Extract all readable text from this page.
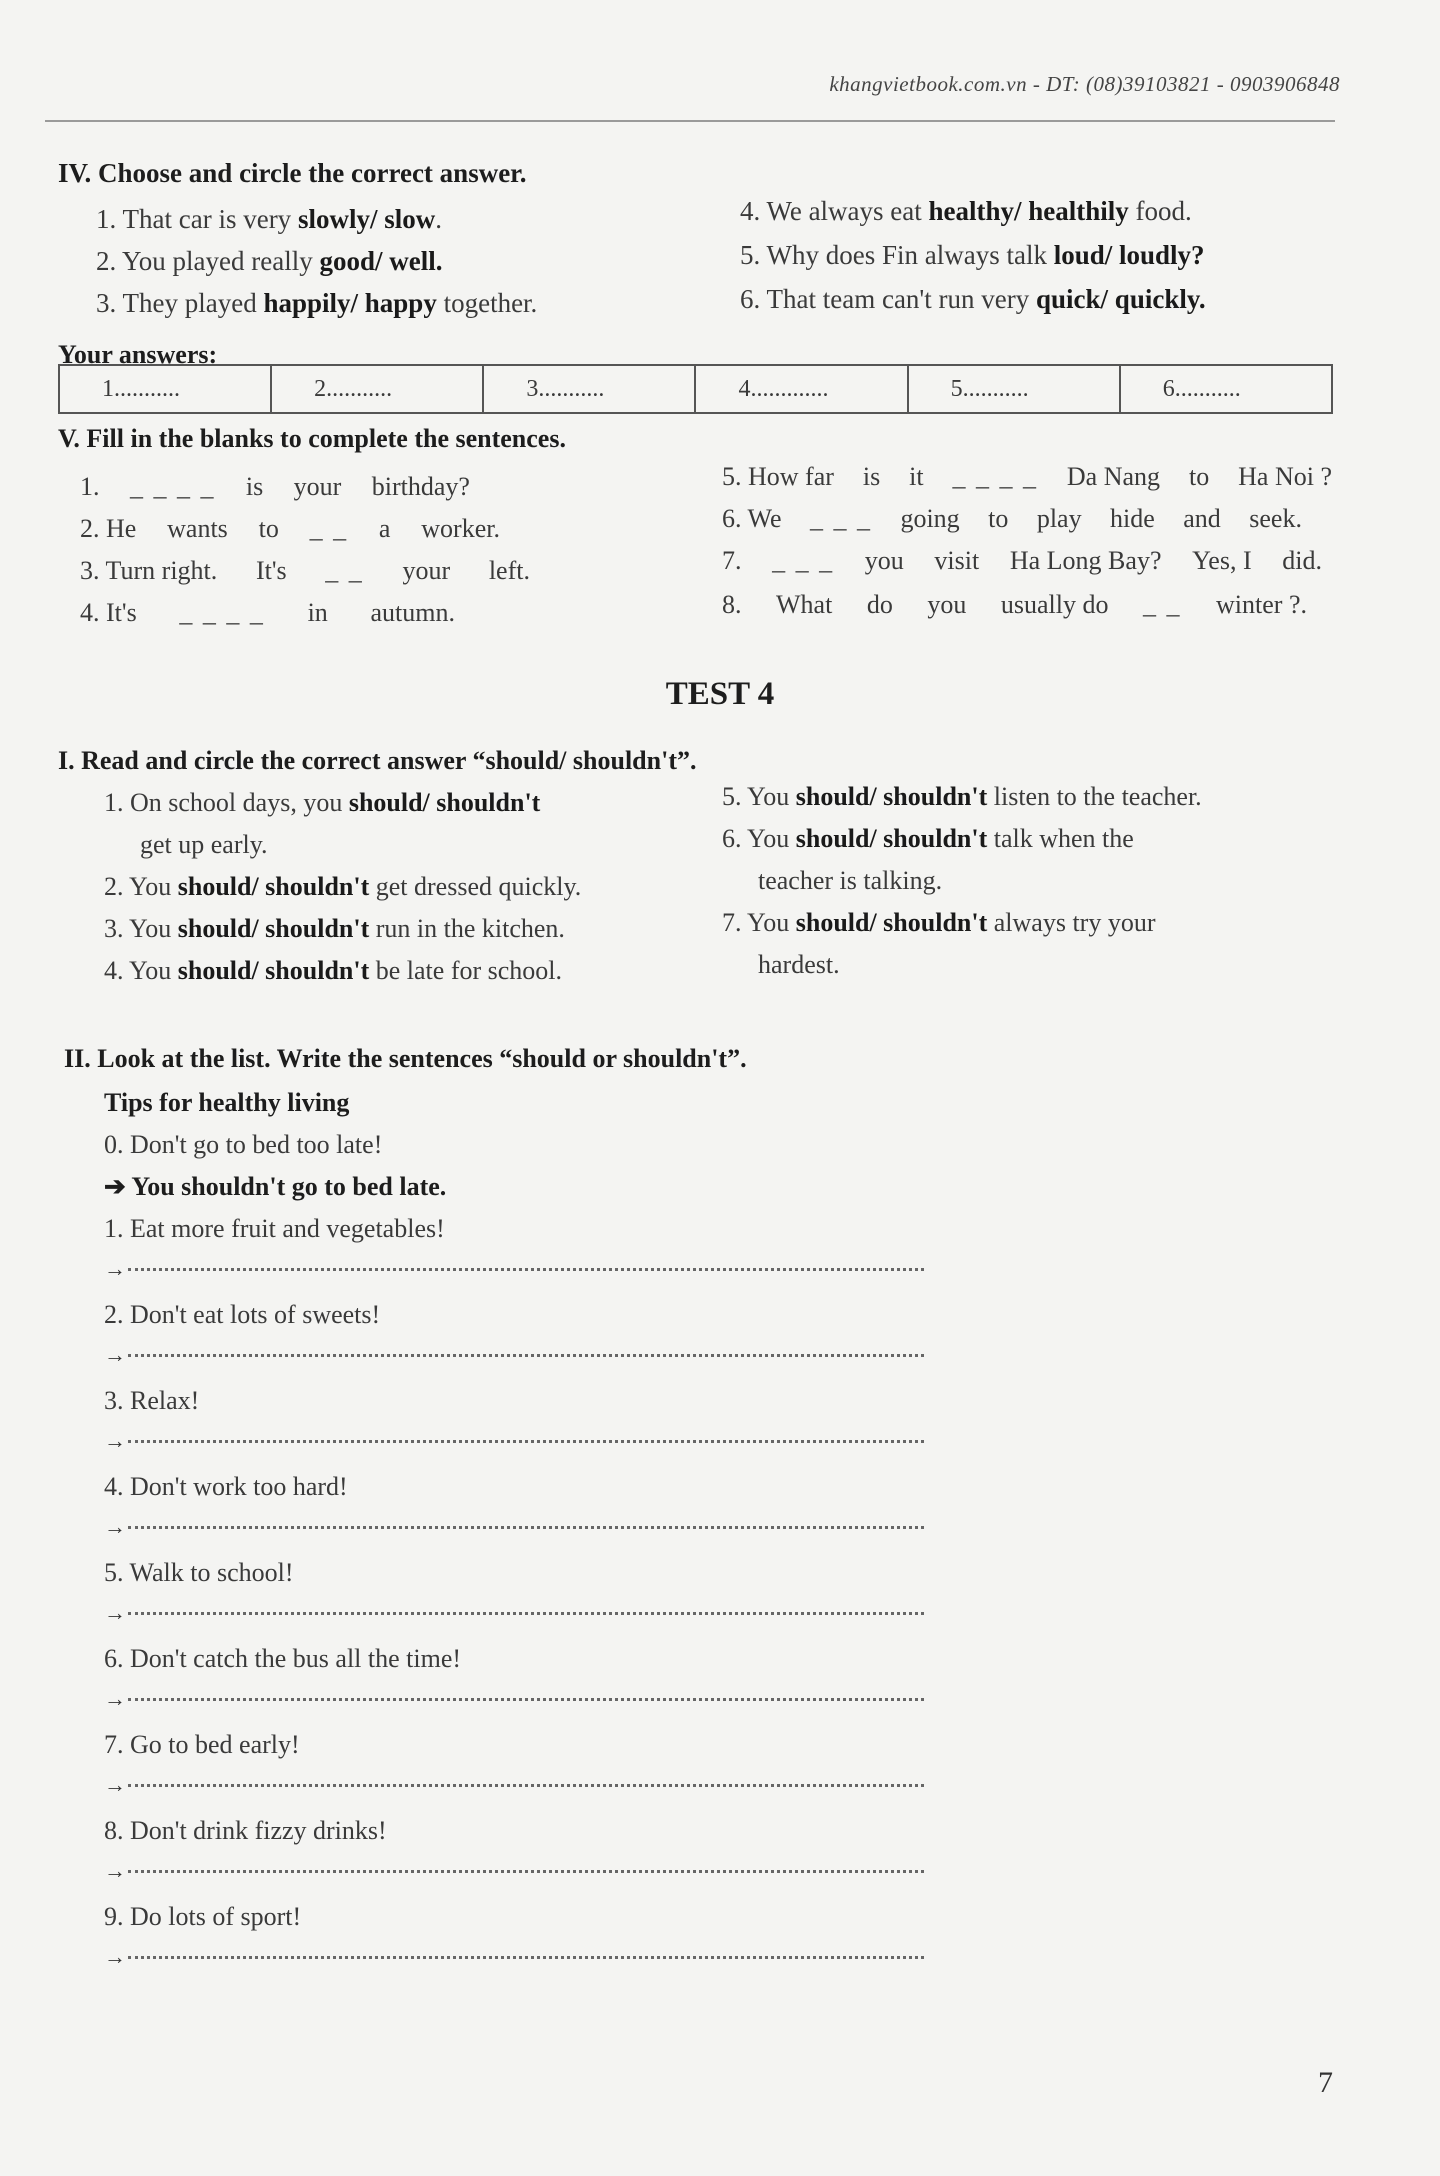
khangvietbook.com.vn - DT: (08)39103821 - 0903906848
IV. Choose and circle the correct answer.
1. That car is very slowly/ slow.
2. You played really good/ well.
3. They played happily/ happy together.
4. We always eat healthy/ healthily food.
5. Why does Fin always talk loud/ loudly?
6. That team can't run very quick/ quickly.
Your answers:
1...........	2...........	3...........	4.............	5...........	6...........
V. Fill in the blanks to complete the sentences.
1. _ _ _ _ is your birthday?
2. He wants to _ _ a worker.
3. Turn right. It's _ _ your left.
4. It's _ _ _ _ in autumn.
5. How far is it _ _ _ _ Da Nang to Ha Noi ?
6. We _ _ _ going to play hide and seek.
7. _ _ _ you visit Ha Long Bay? Yes, I did.
8. What do you usually do _ _ winter ?.
TEST 4
I. Read and circle the correct answer “should/ shouldn't”.
1. On school days, you should/ shouldn't
get up early.
2. You should/ shouldn't get dressed quickly.
3. You should/ shouldn't run in the kitchen.
4. You should/ shouldn't be late for school.
5. You should/ shouldn't listen to the teacher.
6. You should/ shouldn't talk when the
teacher is talking.
7. You should/ shouldn't always try your
hardest.
II. Look at the list. Write the sentences “should or shouldn't”.
Tips for healthy living
0. Don't go to bed too late!
➔ You shouldn't go to bed late.
1. Eat more fruit and vegetables!
→
2. Don't eat lots of sweets!
→
3. Relax!
→
4. Don't work too hard!
→
5. Walk to school!
→
6. Don't catch the bus all the time!
→
7. Go to bed early!
→
8. Don't drink fizzy drinks!
→
9. Do lots of sport!
→
7
